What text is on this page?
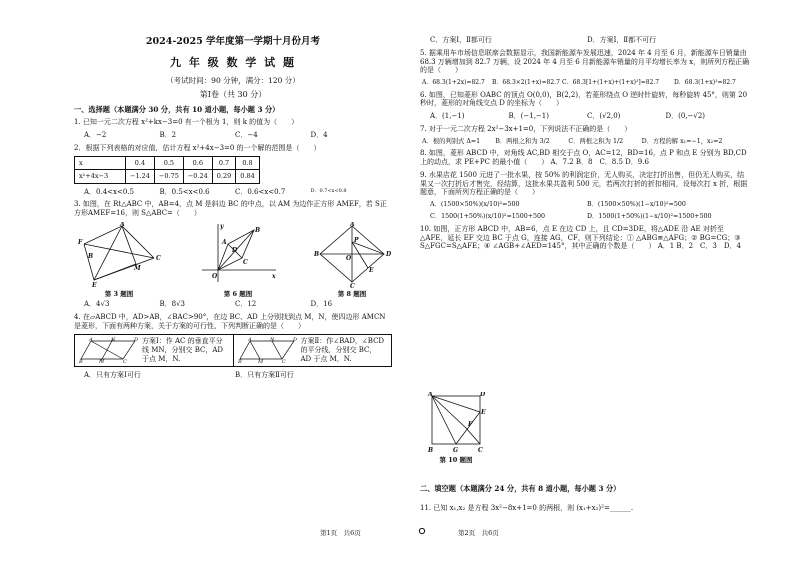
2024-2025 学年度第一学期十月份月考
九 年 级 数 学 试 题
（考试时间：90 分钟，满分：120 分）
第Ⅰ卷（共 30 分）
一、选择题（本题满分 30 分，共有 10 道小题，每小题 3 分）
1. 已知一元二次方程 x²+kx−3=0 有一个根为 1，则 k 的值为（　　）
A．−2	B．2	C．−4	D．4
2．根据下列表格的对应值，估计方程 x²+4x−3=0 的一个解的范围是（　　）
x	0.4	0.5	0.6	0.7	0.8
x²+4x−3	−1.24	−0.75	−0.24	0.29	0.84
A．0.4<x<0.5	B．0.5<x<0.6	C．0.6<x<0.7	D．0.7<x<0.8
3. 如图，在 Rt△ABC 中，AB=4，点 M 是斜边 BC 的中点，以 AM 为边作正方形 AMEF，若 S正方形AMEF=16，则 S△ABC=（　　）
F
A
B	C
M
E
第 3 题图
y
x
O
A
B
C
D
第 6 题图
A
B	D
C
P
E
O
第 8 题图
A．4√3	B．8√3	C．12	D．16
4. 在▱ABCD 中，AD>AB，∠BAC>90°，在边 BC、AD 上分别找到点 M，N，使四边形 AMCN 是菱形，下面有两种方案，关于方案的可行性，下列判断正确的是（　　）
A	N	D
B	M	C
方案Ⅰ：作 AC 的垂直平分线 MN，分别交 BC，AD 于点 M，N.
A	N	D
B	M	C
方案Ⅱ：作∠BAD，∠BCD 的平分线，分别交 BC，AD 于点 M，N.
A．只有方案Ⅰ可行	B．只有方案Ⅱ可行
C．方案Ⅰ，Ⅱ都可行	D．方案Ⅰ，Ⅱ都不可行
5. 据乘用车市场信息联席会数据显示，我国新能源车发展迅速，2024 年 4 月至 6 月，新能源车日销量由 68.3 万辆增加到 82.7 万辆，设 2024 年 4 月至 6 月新能源车销量的月平均增长率为 x，则所列方程正确的是（　　）
A．68.3(1+2x)=82.7	B．68.3×2(1+x)=82.7 C．68.3[1+(1+x)+(1+x)²]=82.7	D．68.3(1+x)²=82.7
6. 如图，已知菱形 OABC 的顶点 O(0,0)，B(2,2)，若菱形绕点 O 逆时针旋转，每秒旋转 45°，则第 20 秒时，菱形的对角线交点 D 的坐标为（　　）
A．(1,−1)	B．(−1,−1)	C．(√2,0)	D．(0,−√2)
7. 对于一元二次方程 2x²−3x+1=0，下列说法不正确的是（　　）
A．根的判别式 Δ=1	B．两根之和为 3/2	C．两根之积为 1/2	D．方程的解 x₁=−1，x₂=2
8. 如图，菱形 ABCD 中，对角线 AC,BD 相交于点 O，AC=12，BD=16，点 P 和点 E 分别为 BD,CD 上的动点，求 PE+PC 的最小值（　　） A．7.2 B．8　C．8.5 D．9.6
9. 水果店花 1500 元进了一批水果，按 50% 的利润定价，无人购买，决定打折出售，但仍无人购买，结果又一次打折后才售完，经结算，这批水果共盈利 500 元，若两次打折的折扣相同，设每次打 x 折，根据题意，下面所列方程正确的是（　　）
A．(1500×50%)(x/10)²=500	B．(1500×50%)(1−x/10)²=500
C．1500(1+50%)(x/10)²=1500+500	D．1500(1+50%)(1−x/10)²=1500+500
10. 如图，正方形 ABCD 中，AB=6，点 E 在边 CD 上，且 CD=3DE，将△ADE 沿 AE 对折至△AFE，延长 EF 交边 BC 于点 G，连接 AG，CF，则下列结论：① △ABG≌△AFG；② BG=CG；③ S△FGC=S△AFE；④ ∠AGB+∠AED=145°，其中正确的个数是（　　） A．1 B．2　C．3　D．4
A	D
E
F
B	G	C
第 10 题图
二、填空题（本题满分 24 分，共有 8 道小题，每小题 3 分）
11. 已知 x₁,x₂ 是方程 3x²−8x+1=0 的两根，则 (x₁+x₂)²=______.
第1页　共6页	第2页　共6页
